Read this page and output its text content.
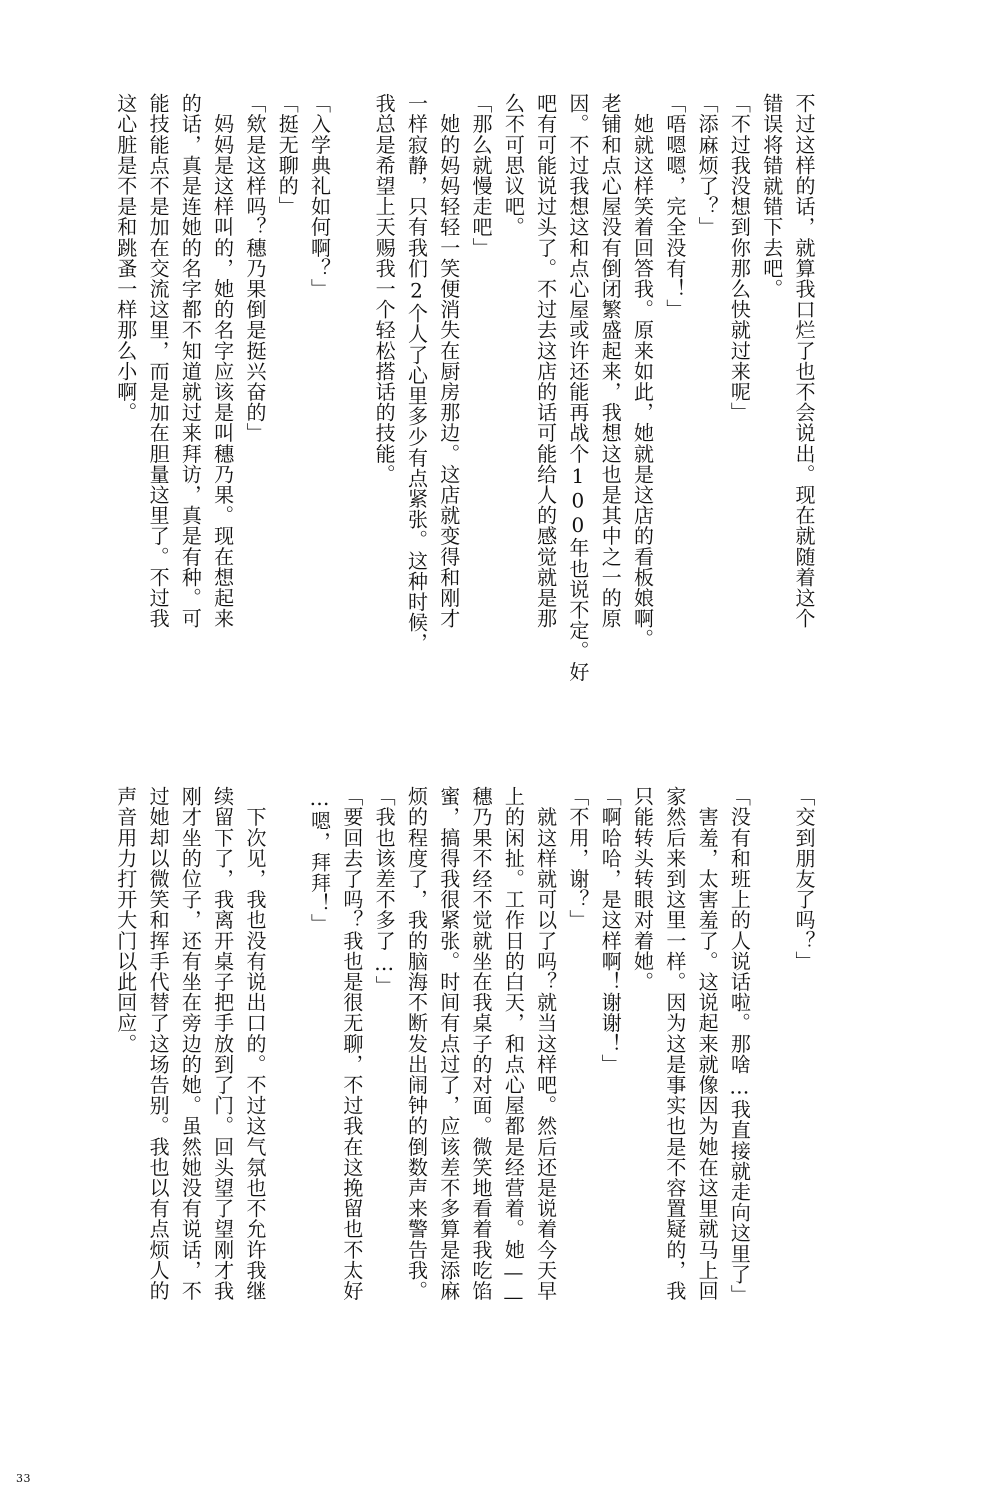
不过这样的话，就算我口烂了也不会说出。现在就随着这个
错误将错就错下去吧。
「不过我没想到你那么快就过来呢」
「添麻烦了？」
「唔嗯嗯，完全没有！」
　她就这样笑着回答我。原来如此，她就是这店的看板娘啊。
老铺和点心屋没有倒闭繁盛起来，我想这也是其中之一的原
因。不过我想这和点心屋或许还能再战个100年也说不定。好
吧有可能说过头了。不过去这店的话可能给人的感觉就是那
么不可思议吧。
「那么就慢走吧」
　她的妈妈轻轻一笑便消失在厨房那边。这店就变得和刚才
一样寂静，只有我们2个人了心里多少有点紧张。这种时候，
我总是希望上天赐我一个轻松搭话的技能。

「入学典礼如何啊？」
「挺无聊的」
「欸是这样吗？穗乃果倒是挺兴奋的」
　妈妈是这样叫的，她的名字应该是叫穗乃果。现在想起来
的话，真是连她的名字都不知道就过来拜访，真是有种。可
能技能点不是加在交流这里，而是加在胆量这里了。不过我
这心脏是不是和跳蚤一样那么小啊。

「交到朋友了吗？」

「没有和班上的人说话啦。那啥…我直接就走向这里了」
　害羞，太害羞了。这说起来就像因为她在这里就马上回
家然后来到这里一样。因为这是事实也是不容置疑的，我
只能转头转眼对着她。
「啊哈哈，是这样啊！谢谢！」
「不用，谢？」
　就这样就可以了吗？就当这样吧。然后还是说着今天早
上的闲扯。工作日的白天，和点心屋都是经营着。她——
穗乃果不经不觉就坐在我桌子的对面。微笑地看着我吃馅
蜜，搞得我很紧张。时间有点过了，应该差不多算是添麻
烦的程度了，我的脑海不断发出闹钟的倒数声来警告我。
「我也该差不多了…」
「要回去了吗？我也是很无聊，不过我在这挽留也不太好
…嗯，拜拜！」

　下次见，我也没有说出口的。不过这气氛也不允许我继
续留下了，我离开桌子把手放到了门。回头望了望刚才我
刚才坐的位子，还有坐在旁边的她。虽然她没有说话，不
过她却以微笑和挥手代替了这场告别。我也以有点烦人的
声音用力打开大门以此回应。

33
